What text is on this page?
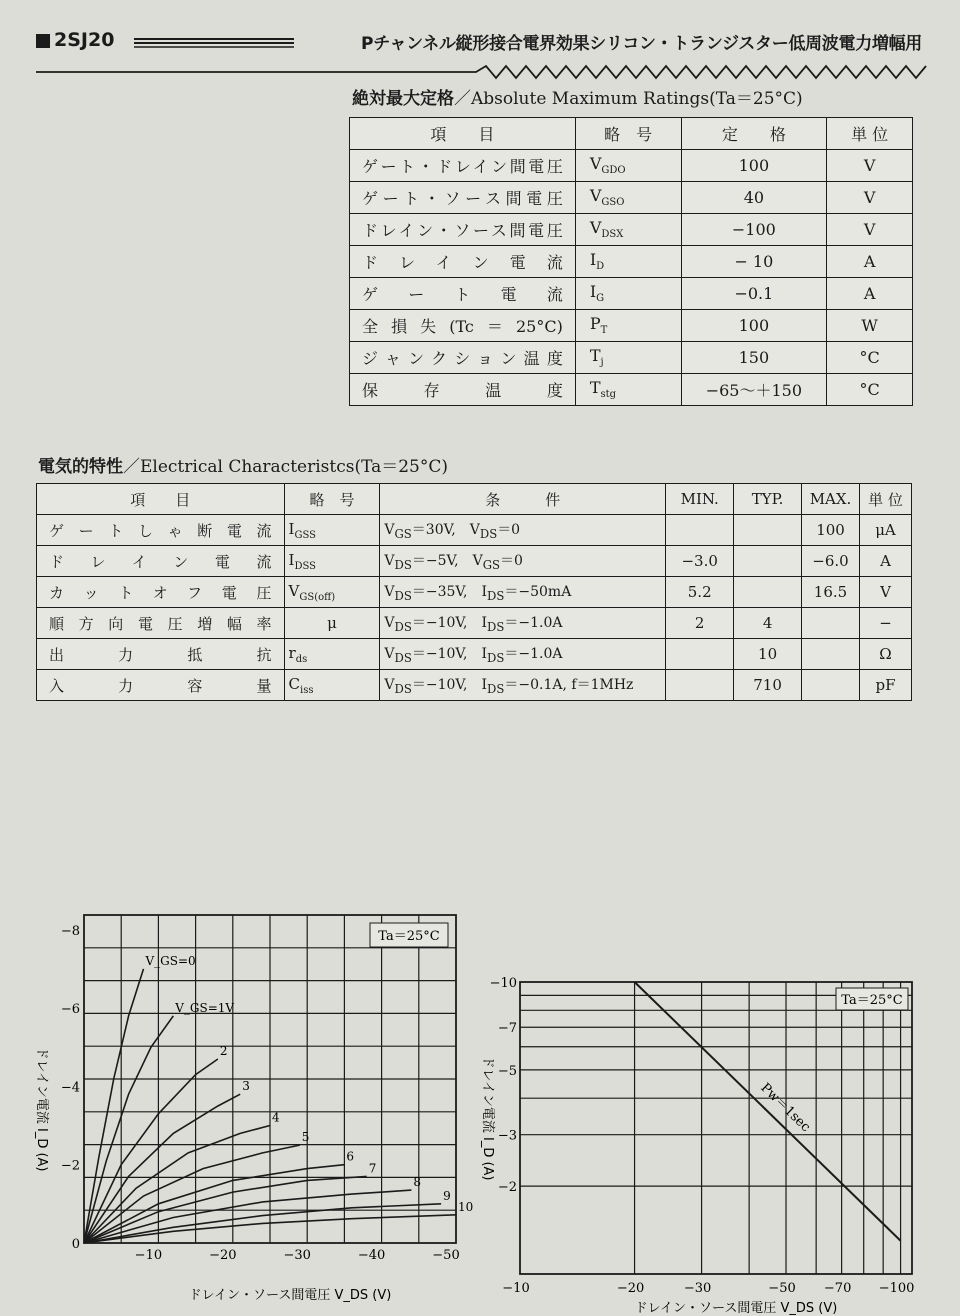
2SJ20	Pチャンネル縦形接合電界効果シリコン・トランジスター低周波電力増幅用
絶対最大定格／Absolute Maximum Ratings(Ta＝25°C)
項　　目	略　号	定　　格	単 位
ゲート・ドレイン間電圧	$V_{GDO}$	100	V
ゲート・ソース間電圧	$V_{GSO}$	40	V
ドレイン・ソース間電圧	$V_{DSX}$	−100	V
ドレイン電流	$I_D$	− 10	A
ゲート電流	$I_G$	−0.1	A
全損失(Tc＝25°C)	$P_T$	100	W
ジャンクション温度	$T_j$	150	°C
保存温度	$T_{stg}$	−65～＋150	°C
電気的特性／Electrical Characteristcs(Ta＝25°C)
項　　目	略　号	条　　　件	MIN.	TYP.	MAX.	単 位
ゲートしゃ断電流	$I_{GSS}$	$V_{GS}=30V$,　$V_{DS}=0$			100	μA
ドレイン電流	$I_{DSS}$	$V_{DS}=-5V$,　$V_{GS}=0$	−3.0		−6.0	A
カットオフ電圧	$V_{GS(off)}$	$V_{DS}=-35V$,　$I_{DS}=-50mA$	5.2		16.5	V
順方向電圧増幅率	μ	$V_{DS}=-10V$,　$I_{DS}=-1.0A$	2	4		−
出力抵抗	$r_{ds}$	$V_{DS}=-10V$,　$I_{DS}=-1.0A$		10		Ω
入力容量	$C_{iss}$	$V_{DS}=-10V$,　$I_{DS}=-0.1A$, f＝1MHz		710		pF
−10	−20	−30	−40	−50
0
−2
−4
−6
−8	Ta＝25°C
V_GS=0
V_GS=1V
2
3
4
5
6
7
8
9
10
ドレイン・ソース間電圧 V_DS (V)
ドレイン電流 I_D (A)
−10	−20	−30	−50 −70 −100
−10
−7
−5
−3
−2
Ta＝25°C
Pw＝1sec
ドレイン・ソース間電圧 V_DS (V)
ドレイン電流 I_D (A)
